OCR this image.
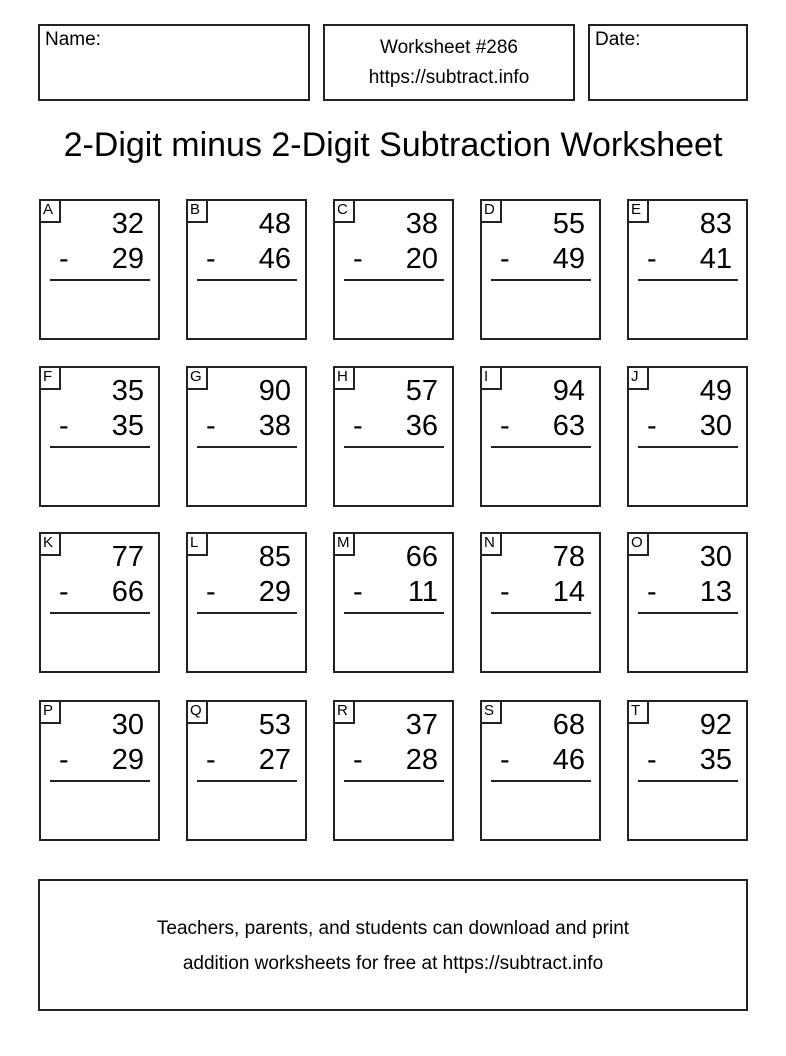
Name:	Worksheet #286
https://subtract.info
Date:
2-Digit minus 2-Digit Subtraction Worksheet
A 32
- 29
B 48
- 46
C 38
- 20
D 55
- 49
E 83
- 41
F	35
- 35
G 90
- 38
H 57
- 36
I	94
- 63
J	49
- 30
K 77
- 66
L	85
- 29
M 66
- 11
N 78
- 14
O 30
- 13
P 30
- 29
Q 53
- 27
R 37
- 28
S 68
- 46
T	92
- 35
Teachers, parents, and students can download and print
addition worksheets for free at https://subtract.info
